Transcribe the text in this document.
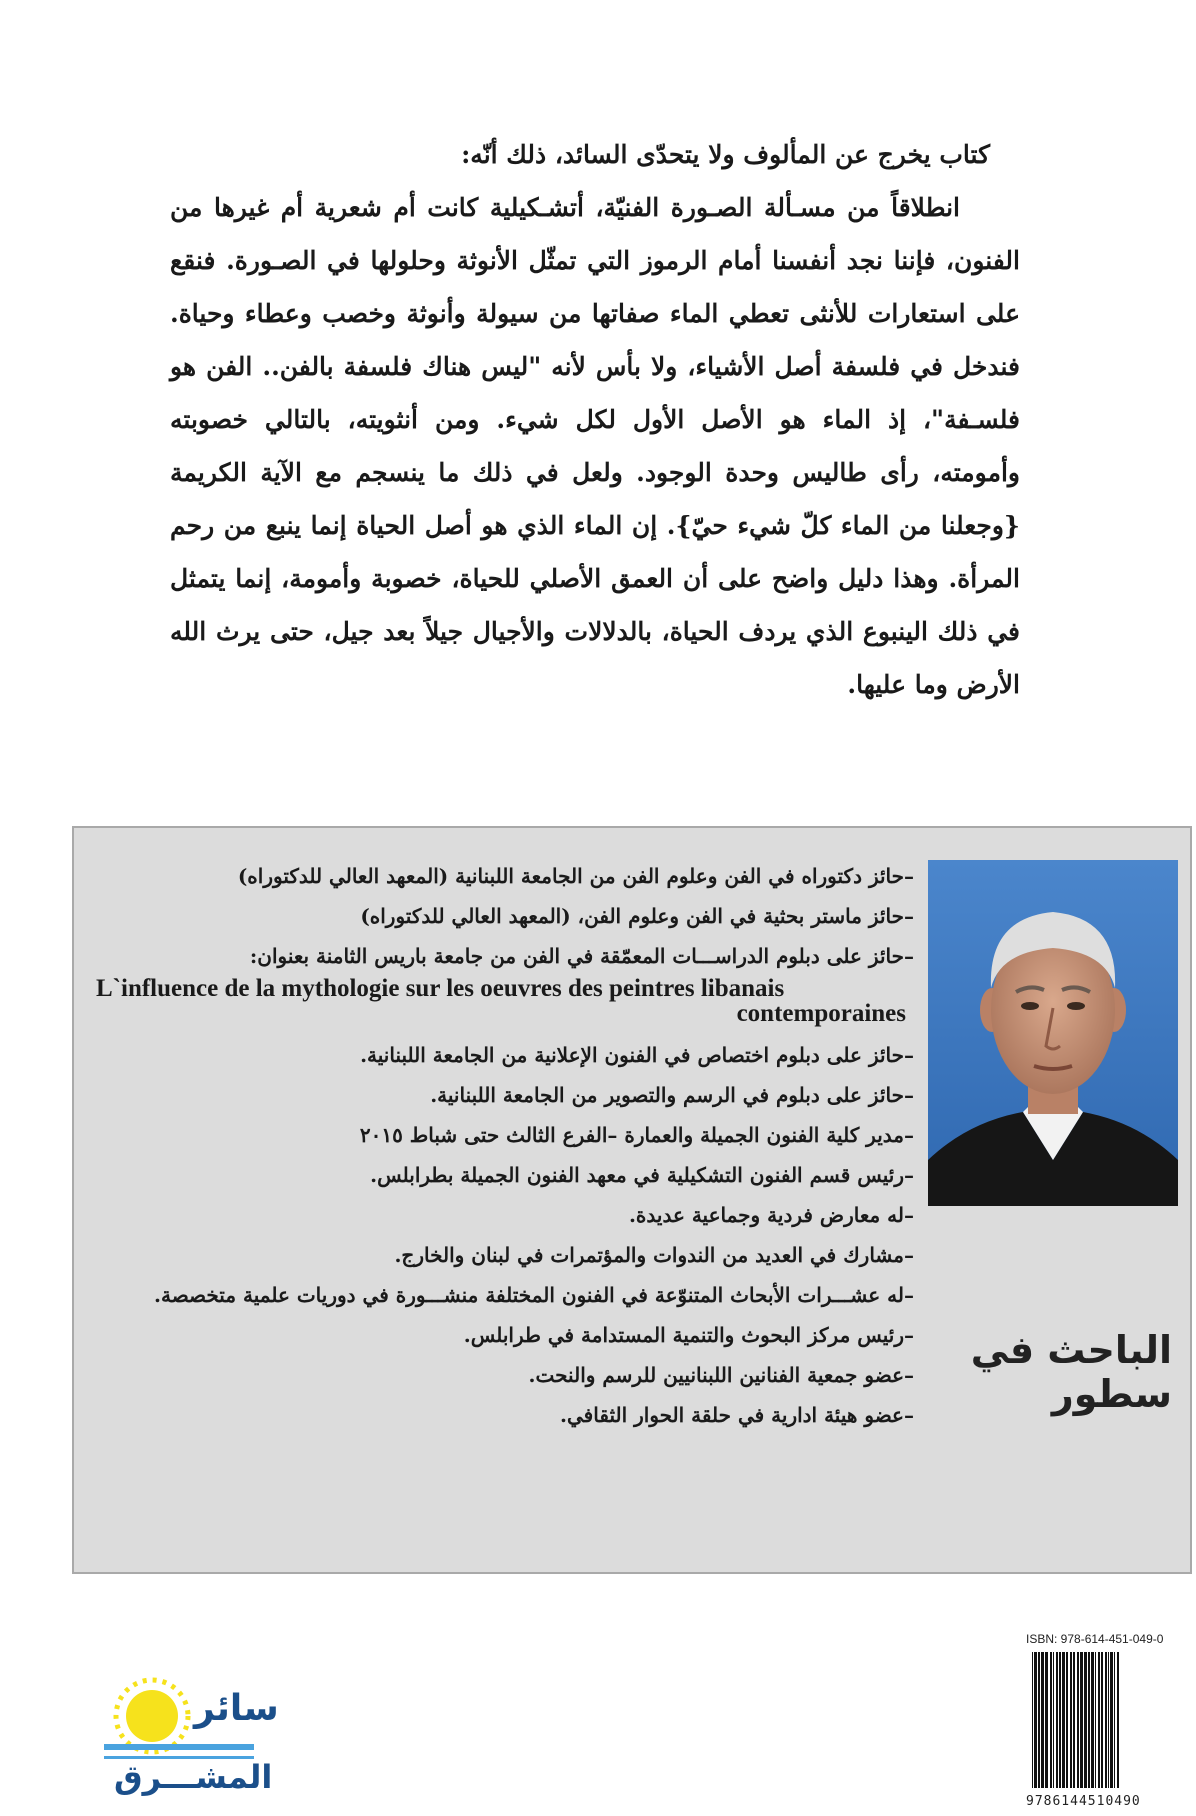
كتاب يخرج عن المألوف ولا يتحدّى السائد، ذلك أنّه:

انطلاقاً من مسـألة الصـورة الفنيّة، أتشـكيلية كانت أم شعرية أم غيرها من الفنون، فإننا نجد أنفسنا أمام الرموز التي تمثّل الأنوثة وحلولها في الصـورة. فنقع على استعارات للأنثى تعطي الماء صفاتها من سيولة وأنوثة وخصب وعطاء وحياة. فندخل في فلسفة أصل الأشياء، ولا بأس لأنه "ليس هناك فلسفة بالفن.. الفن هو فلسـفة"، إذ الماء هو الأصل الأول لكل شيء. ومن أنثويته، بالتالي خصوبته وأمومته، رأى طاليس وحدة الوجود. ولعل في ذلك ما ينسجم مع الآية الكريمة {وجعلنا من الماء كلّ شيء حيّ}. إن الماء الذي هو أصل الحياة إنما ينبع من رحم المرأة. وهذا دليل واضح على أن العمق الأصلي للحياة، خصوبة وأمومة، إنما يتمثل في ذلك الينبوع الذي يردف الحياة، بالدلالات والأجيال جيلاً بعد جيل، حتى يرث الله الأرض وما عليها.

–حائز دكتوراه في الفن وعلوم الفن من الجامعة اللبنانية (المعهد العالي للدكتوراه)
–حائز ماستر بحثية في الفن وعلوم الفن، (المعهد العالي للدكتوراه)
–حائز على دبلوم الدراســـات المعمّقة في الفن من جامعة باريس الثامنة بعنوان:
L`influence de la mythologie sur les oeuvres des peintres libanais
contemporaines
–حائز على دبلوم اختصاص في الفنون الإعلانية من الجامعة اللبنانية.
–حائز على دبلوم في الرسم والتصوير من الجامعة اللبنانية.
–مدير كلية الفنون الجميلة والعمارة –الفرع الثالث حتى شباط ٢٠١٥
–رئيس قسم الفنون التشكيلية في معهد الفنون الجميلة بطرابلس.
–له معارض فردية وجماعية عديدة.
–مشارك في العديد من الندوات والمؤتمرات في لبنان والخارج.
–له عشـــرات الأبحاث المتنوّعة في الفنون المختلفة منشـــورة في دوريات علمية متخصصة.
–رئيس مركز البحوث والتنمية المستدامة في طرابلس.
–عضو جمعية الفنانين اللبنانيين للرسم والنحت.
–عضو هيئة ادارية في حلقة الحوار الثقافي.
الباحث في سطور
سائر
المشـــرق
ISBN: 978-614-451-049-0
9786144510490
